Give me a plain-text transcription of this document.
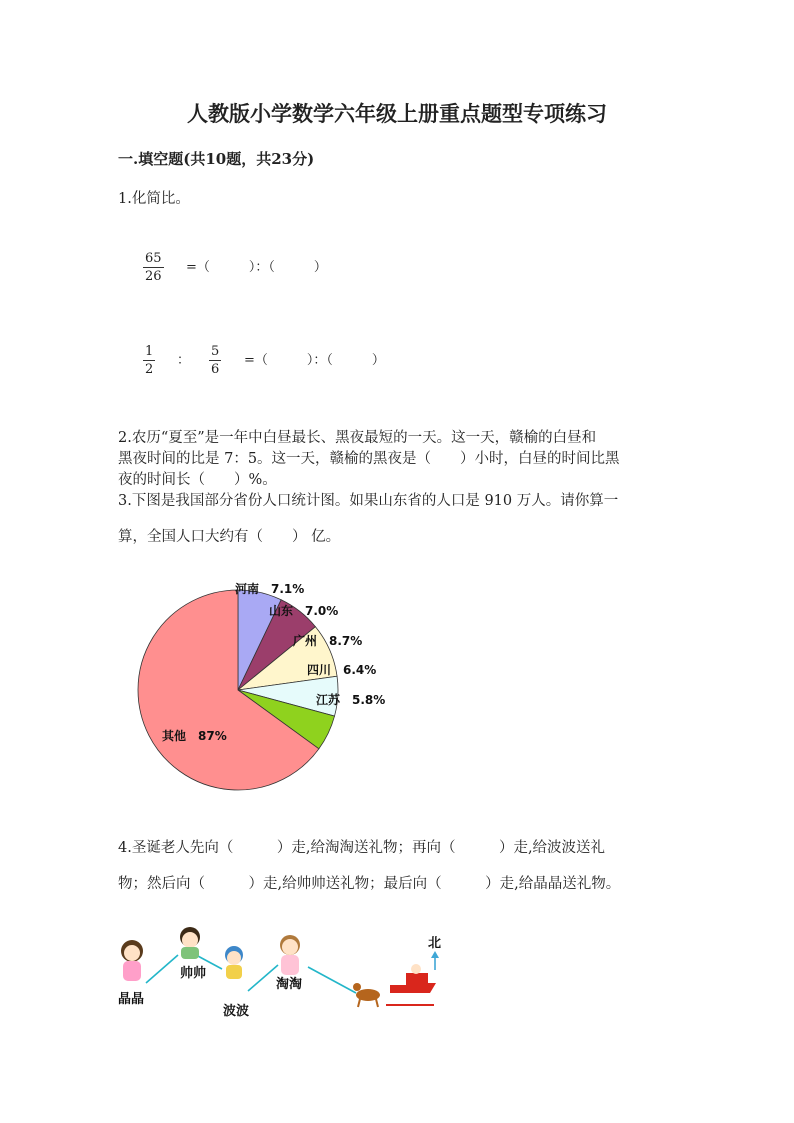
人教版小学数学六年级上册重点题型专项练习
一.填空题(共10题，共23分)
1.化简比。
$\frac{65}{26}$ =（　　　）：（　　　）
$\frac{1}{2}$ ： $\frac{5}{6}$ =（　　　）：（　　　）
2.农历“夏至”是一年中白昼最长、黑夜最短的一天。这一天，赣榆的白昼和
黑夜时间的比是 7：5。这一天，赣榆的黑夜是（　　）小时，白昼的时间比黑
夜的时间长（　　）%。
3.下图是我国部分省份人口统计图。如果山东省的人口是 910 万人。请你算一
算，全国人口大约有（　　） 亿。
河南　7.1%
山东　7.0%
广州　8.7%
四川　6.4%
江苏　5.8%
其他　87%
4.圣诞老人先向（　　　）走,给淘淘送礼物；再向（　　　）走,给波波送礼
物；然后向（　　　）走,给帅帅送礼物；最后向（　　　）走,给晶晶送礼物。
北
晶晶
帅帅
波波
淘淘
